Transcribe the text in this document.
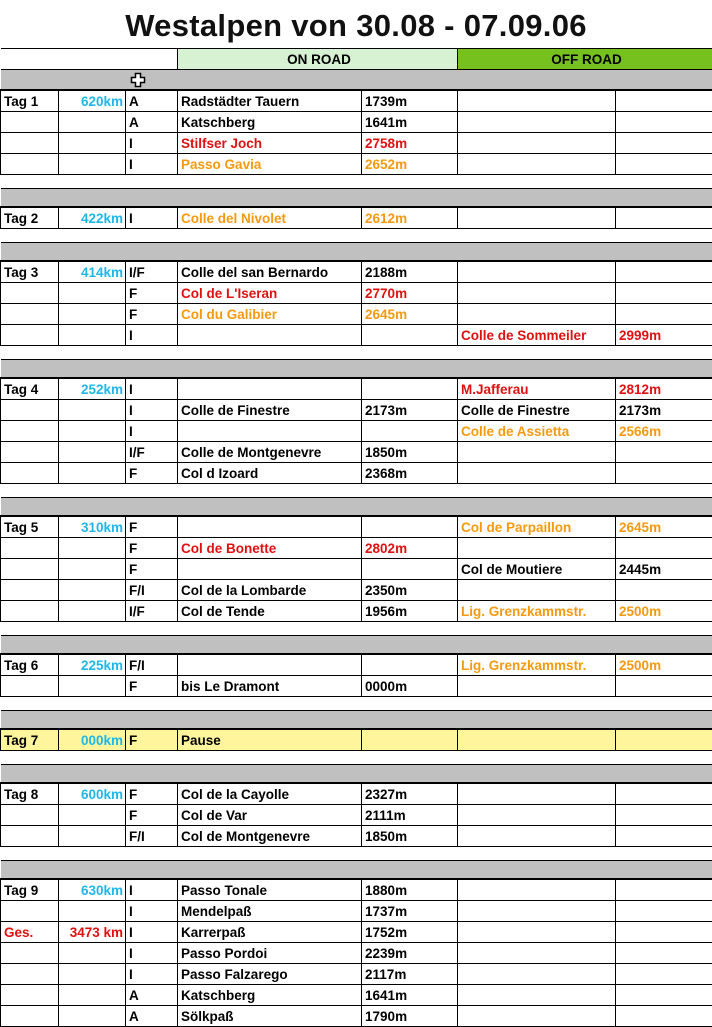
Westalpen von 30.08 - 07.09.06
			ON ROAD		OFF ROAD	

Tag 1	620km	A	Radstädter Tauern	1739m		
		A	Katschberg	1641m		
		I	Stilfser Joch	2758m		
		I	Passo Gavia	2652m		

Tag 2	422km	I	Colle del Nivolet	2612m		

Tag 3	414km	I/F	Colle del san Bernardo	2188m		
		F	Col de L'Iseran	2770m		
		F	Col du Galibier	2645m		
		I			Colle de Sommeiler	2999m

Tag 4	252km	I			M.Jafferau	2812m
		I	Colle de Finestre	2173m	Colle de Finestre	2173m
		I			Colle de Assietta	2566m
		I/F	Colle de Montgenevre	1850m		
		F	Col d Izoard	2368m		

Tag 5	310km	F			Col de Parpaillon	2645m
		F	Col de Bonette	2802m		
		F			Col de Moutiere	2445m
		F/I	Col de la Lombarde	2350m		
		I/F	Col de Tende	1956m	Lig. Grenzkammstr.	2500m

Tag 6	225km	F/I			Lig. Grenzkammstr.	2500m
		F	bis Le Dramont	0000m		

Tag 7	000km	F	Pause			

Tag 8	600km	F	Col de la Cayolle	2327m		
		F	Col de Var	2111m		
		F/I	Col de Montgenevre	1850m		

Tag 9	630km	I	Passo Tonale	1880m		
		I	Mendelpaß	1737m		
Ges.	3473 km	I	Karrerpaß	1752m		
		I	Passo Pordoi	2239m		
		I	Passo Falzarego	2117m		
		A	Katschberg	1641m		
		A	Sölkpaß	1790m		
